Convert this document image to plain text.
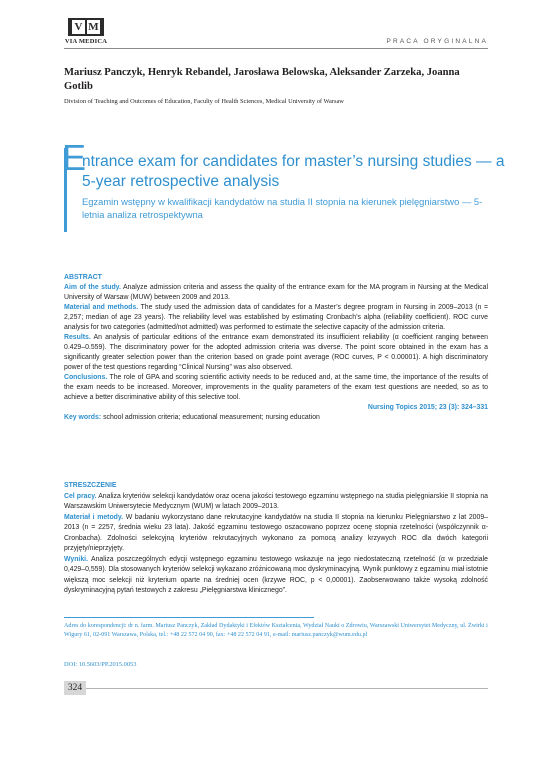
V M
VIA MEDICA	PRACA ORYGINALNA
Mariusz Panczyk, Henryk Rebandel, Jarosława Belowska, Aleksander Zarzeka, Joanna Gotlib
Division of Teaching and Outcomes of Education, Faculty of Health Sciences, Medical University of Warsaw
E
ntrance exam for candidates for master’s nursing studies — a 5-year retrospective analysis
Egzamin wstępny w kwalifikacji kandydatów na studia II stopnia na kierunek pielęgniarstwo — 5-letnia analiza retrospektywna
ABSTRACT

Aim of the study. Analyze admission criteria and assess the quality of the entrance exam for the MA program in Nursing at the Medical University of Warsaw (MUW) between 2009 and 2013.

Material and methods. The study used the admission data of candidates for a Master’s degree program in Nursing in 2009–2013 (n = 2,257; median of age 23 years). The reliability level was established by estimating Cronbach’s alpha (reliability coefficient). ROC curve analysis for two categories (admitted/not admitted) was performed to estimate the selective capacity of the admission criteria.

Results. An analysis of particular editions of the entrance exam demonstrated its insufficient reliability (α coefficient ranging between 0.429–0.559). The discriminatory power for the adopted admission criteria was diverse. The point score obtained in the exam has a significantly greater selection power than the criterion based on grade point average (ROC curves, P < 0.00001). A high discriminatory power of the test questions regarding “Clinical Nursing” was also observed.

Conclusions. The role of GPA and scoring scientific activity needs to be reduced and, at the same time, the importance of the results of the exam needs to be increased. Moreover, improvements in the quality parameters of the exam test questions are needed, so as to achieve a better discriminative ability of this selective tool.

Nursing Topics 2015; 23 (3): 324–331

Key words: school admission criteria; educational measurement; nursing education

STRESZCZENIE

Cel pracy. Analiza kryteriów selekcji kandydatów oraz ocena jakości testowego egzaminu wstępnego na studia pielęgniarskie II stopnia na Warszawskim Uniwersytecie Medycznym (WUM) w latach 2009–2013.

Materiał i metody. W badaniu wykorzystano dane rekrutacyjne kandydatów na studia II stopnia na kierunku Pielęgniarstwo z lat 2009–2013 (n = 2257, średnia wieku 23 lata). Jakość egzaminu testowego oszacowano poprzez ocenę stopnia rzetelności (współczynnik α-Cronbacha). Zdolności selekcyjną kryteriów rekrutacyjnych wykonano za pomocą analizy krzywych ROC dla dwóch kategorii przyjęty/nieprzyjęty.

Wyniki. Analiza poszczególnych edycji wstępnego egzaminu testowego wskazuje na jego niedostateczną rzetelność (α w przedziale 0,429–0,559). Dla stosowanych kryteriów selekcji wykazano zróżnicowaną moc dyskryminacyjną. Wynik punktowy z egzaminu miał istotnie większą moc selekcji niż kryterium oparte na średniej ocen (krzywe ROC, p < 0,00001). Zaobserwowano także wysoką zdolność dyskryminacyjną pytań testowych z zakresu „Pielęgniarstwa klinicznego”.

Adres do korespondencji: dr n. farm. Mariusz Panczyk, Zakład Dydaktyki i Efektów Kształcenia, Wydział Nauki o Zdrowiu, Warszawski Uniwersytet Medyczny, ul. Żwirki i Wigury 61, 02-091 Warszawa, Polska, tel.: +48 22 572 04 90, fax: +48 22 572 04 91, e-mail: mariusz.panczyk@wum.edu.pl
DOI: 10.5603/PP.2015.0053
324
